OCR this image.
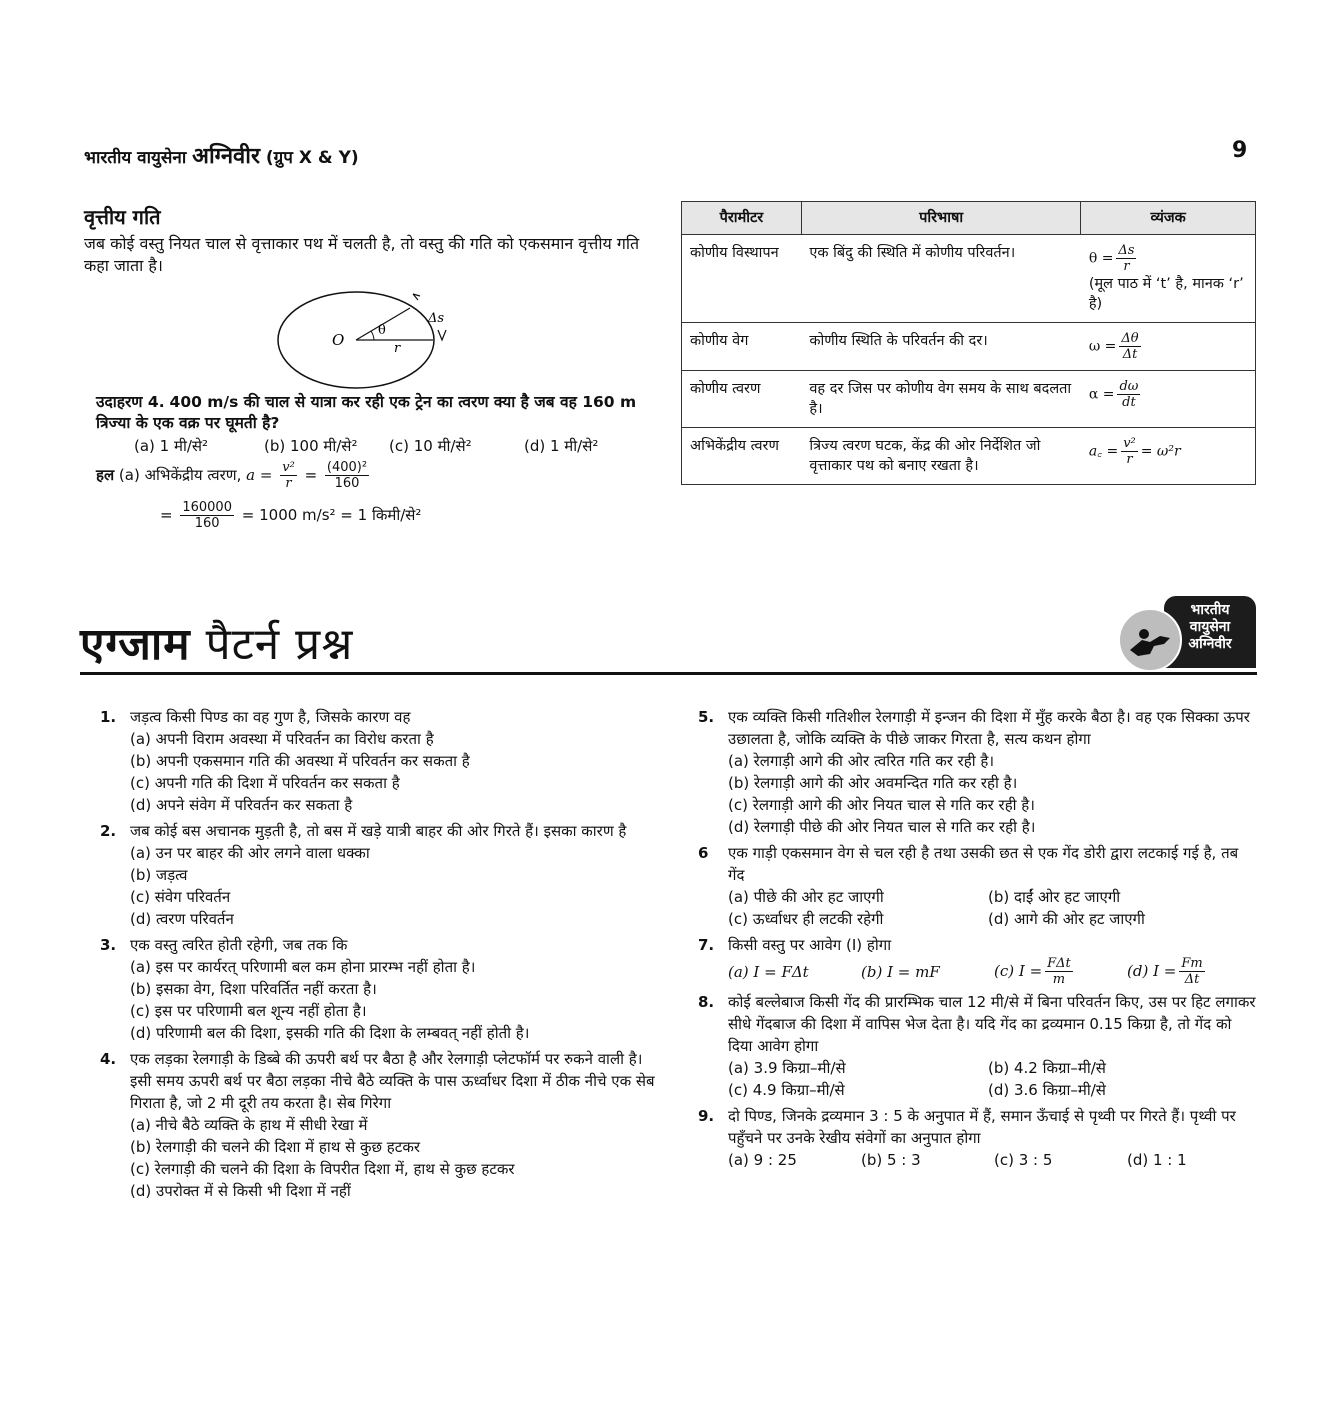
भारतीय वायुसेना अग्निवीर (ग्रुप X & Y)	9
वृत्तीय गति
जब कोई वस्तु नियत चाल से वृत्ताकार पथ में चलती है, तो वस्तु की गति को एकसमान वृत्तीय गति कहा जाता है।
O
θ
r
Δs
उदाहरण 4. 400 m/s की चाल से यात्रा कर रही एक ट्रेन का त्वरण क्या है जब वह 160 m त्रिज्या के एक वक्र पर घूमती है?
(a) 1 मी/से²	(b) 100 मी/से² (c) 10 मी/से²	(d) 1 मी/से²
हल (a) अभिकेंद्रीय त्वरण, $a = \frac{\text{v²}}{r} = \frac{\text{(400)²}}{160}$
= $\frac{160000}{160} = 1000$ m/s² = 1 किमी/से²
पैरामीटर	परिभाषा	व्यंजक
कोणीय विस्थापन	एक बिंदु की स्थिति में कोणीय परिवर्तन।	$\theta = \frac{\Delta s}{r}$
(मूल पाठ में ‘t’ है, मानक ‘r’ है)

कोणीय वेग	कोणीय स्थिति के परिवर्तन की दर।	$\omega = \frac{\Delta\theta}{\Delta t}$

कोणीय त्वरण	वह दर जिस पर कोणीय वेग समय के साथ बदलता है।	$\alpha = \frac{d\omega}{dt}$

अभिकेंद्रीय त्वरण	त्रिज्य त्वरण घटक, केंद्र की ओर निर्देशित जो वृत्ताकार पथ को बनाए रखता है।	a꜀ = $\frac{\text{v²}}{r} = \omega^2r$
एग्जाम पैटर्न प्रश्न
भारतीय
वायुसेना
अग्निवीर
1. जड़त्व किसी पिण्ड का वह गुण है, जिसके कारण वह
(a) अपनी विराम अवस्था में परिवर्तन का विरोध करता है
(b) अपनी एकसमान गति की अवस्था में परिवर्तन कर सकता है
(c) अपनी गति की दिशा में परिवर्तन कर सकता है
(d) अपने संवेग में परिवर्तन कर सकता है
2. जब कोई बस अचानक मुड़ती है, तो बस में खड़े यात्री बाहर की ओर गिरते हैं। इसका कारण है
(a) उन पर बाहर की ओर लगने वाला धक्का
(b) जड़त्व
(c) संवेग परिवर्तन
(d) त्वरण परिवर्तन
3. एक वस्तु त्वरित होती रहेगी, जब तक कि
(a) इस पर कार्यरत् परिणामी बल कम होना प्रारम्भ नहीं होता है।
(b) इसका वेग, दिशा परिवर्तित नहीं करता है।
(c) इस पर परिणामी बल शून्य नहीं होता है।
(d) परिणामी बल की दिशा, इसकी गति की दिशा के लम्बवत् नहीं होती है।
4. एक लड़का रेलगाड़ी के डिब्बे की ऊपरी बर्थ पर बैठा है और रेलगाड़ी प्लेटफॉर्म पर रुकने वाली है। इसी समय ऊपरी बर्थ पर बैठा लड़का नीचे बैठे व्यक्ति के पास ऊर्ध्वाधर दिशा में ठीक नीचे एक सेब गिराता है, जो 2 मी दूरी तय करता है। सेब गिरेगा
(a) नीचे बैठे व्यक्ति के हाथ में सीधी रेखा में
(b) रेलगाड़ी की चलने की दिशा में हाथ से कुछ हटकर
(c) रेलगाड़ी की चलने की दिशा के विपरीत दिशा में, हाथ से कुछ हटकर
(d) उपरोक्त में से किसी भी दिशा में नहीं
5. एक व्यक्ति किसी गतिशील रेलगाड़ी में इन्जन की दिशा में मुँह करके बैठा है। वह एक सिक्का ऊपर उछालता है, जोकि व्यक्ति के पीछे जाकर गिरता है, सत्य कथन होगा
(a) रेलगाड़ी आगे की ओर त्वरित गति कर रही है।
(b) रेलगाड़ी आगे की ओर अवमन्दित गति कर रही है।
(c) रेलगाड़ी आगे की ओर नियत चाल से गति कर रही है।
(d) रेलगाड़ी पीछे की ओर नियत चाल से गति कर रही है।
6	एक गाड़ी एकसमान वेग से चल रही है तथा उसकी छत से एक गेंद डोरी द्वारा लटकाई गई है, तब गेंद
(a) पीछे की ओर हट जाएगी	(b) दाईं ओर हट जाएगी
(c) ऊर्ध्वाधर ही लटकी रहेगी	(d) आगे की ओर हट जाएगी
7. किसी वस्तु पर आवेग (I) होगा
(a) I = FΔt	(b) I = mF	(c) $I = \frac{\text{FΔt}}{m}$	(d) $I = \frac{Fm}{\Delta t}$
8. कोई बल्लेबाज किसी गेंद की प्रारम्भिक चाल 12 मी/से में बिना परिवर्तन किए, उस पर हिट लगाकर सीधे गेंदबाज की दिशा में वापिस भेज देता है। यदि गेंद का द्रव्यमान 0.15 किग्रा है, तो गेंद को दिया आवेग होगा
(a) 3.9 किग्रा–मी/से	(b) 4.2 किग्रा–मी/से
(c) 4.9 किग्रा–मी/से	(d) 3.6 किग्रा–मी/से
9. दो पिण्ड, जिनके द्रव्यमान 3 : 5 के अनुपात में हैं, समान ऊँचाई से पृथ्वी पर गिरते हैं। पृथ्वी पर पहुँचने पर उनके रेखीय संवेगों का अनुपात होगा
(a) 9 : 25	(b) 5 : 3	(c) 3 : 5	(d) 1 : 1
